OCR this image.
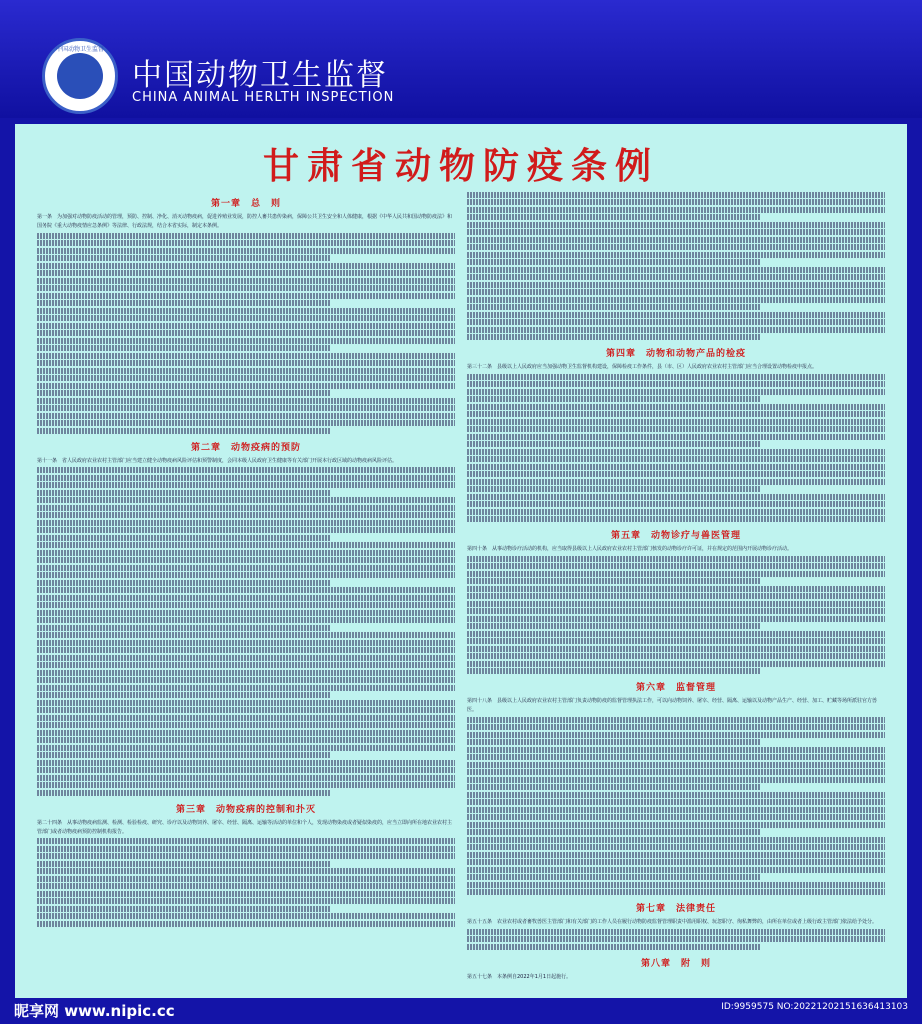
中国动物卫生监督
中国动物卫生监督
CHINA ANIMAL HERLTH INSPECTION
甘肃省动物防疫条例
第一章　总　则

第一条　为加强对动物防疫活动的管理，预防、控制、净化、消灭动物疫病，促进养殖业发展，防控人畜共患传染病，保障公共卫生安全和人体健康，根据《中华人民共和国动物防疫法》和国务院《重大动物疫情应急条例》等法律、行政法规，结合本省实际，制定本条例。

第二章　动物疫病的预防

第十一条　省人民政府农业农村主管部门应当建立健全动物疫病风险评估和预警制度，会同本级人民政府卫生健康等有关部门开展本行政区域的动物疫病风险评估。

第三章　动物疫病的控制和扑灭

第二十四条　从事动物疫病监测、检测、检验检疫、研究、诊疗以及动物饲养、屠宰、经营、隔离、运输等活动的单位和个人，发现动物染疫或者疑似染疫的，应当立即向所在地农业农村主管部门或者动物疫病预防控制机构报告。

第四章　动物和动物产品的检疫

第三十二条　县级以上人民政府应当加强动物卫生监督机构建设，保障检疫工作条件，县（市、区）人民政府农业农村主管部门应当合理设置动物检疫申报点。

第五章　动物诊疗与兽医管理

第四十条　从事动物诊疗活动的机构，应当取得县级以上人民政府农业农村主管部门核发的动物诊疗许可证，并在规定的范围内开展动物诊疗活动。

第六章　监督管理

第四十八条　县级以上人民政府农业农村主管部门负责动物防疫的监督管理执法工作，可以向动物饲养、屠宰、经营、隔离、运输以及动物产品生产、经营、加工、贮藏等场所派驻官方兽医。

第七章　法律责任

第五十五条　农业农村或者畜牧兽医主管部门和有关部门的工作人员在履行动物防疫监督管理职责中滥用职权、玩忽职守、徇私舞弊的，由所在单位或者上级行政主管部门依法给予处分。

第八章　附　则

第五十七条　本条例自2022年1月1日起施行。

昵享网 www.nipic.cc	ID:9959575 NO:20221202151636413103
